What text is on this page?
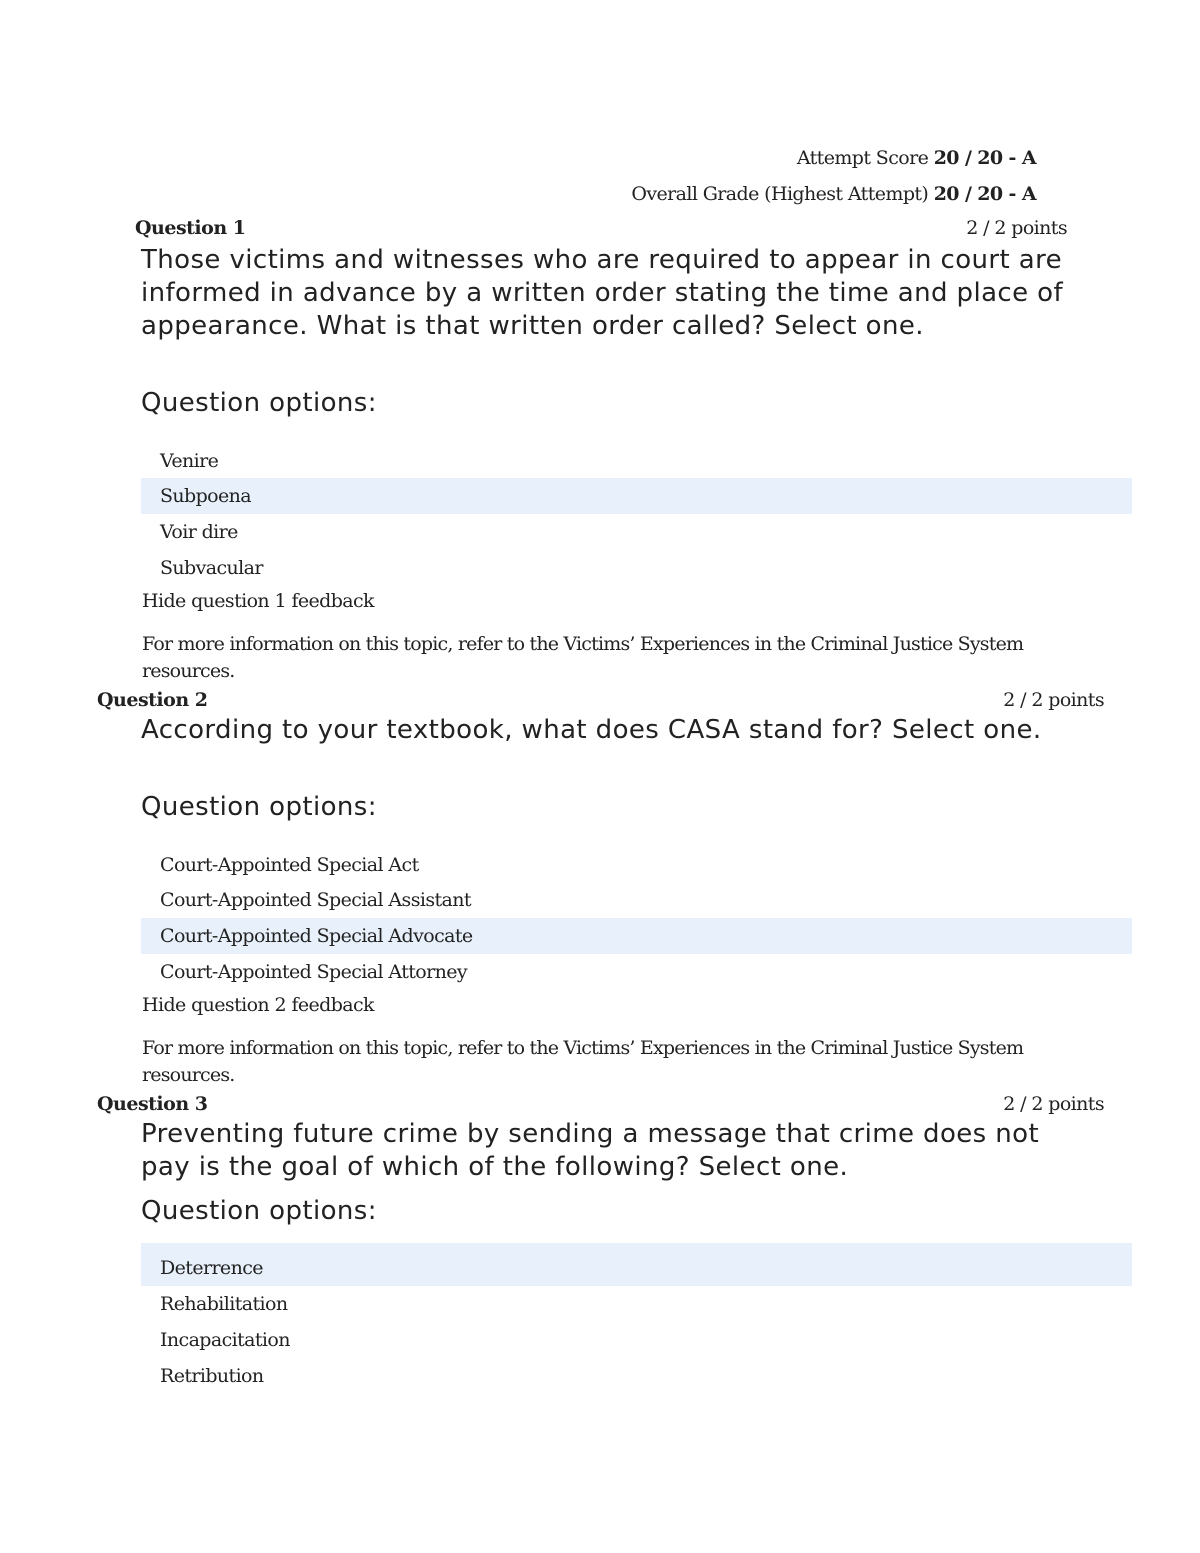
Attempt Score 20 / 20 - A
Overall Grade (Highest Attempt) 20 / 20 - A
Question 1	2 / 2 points
Those victims and witnesses who are required to appear in court are informed in advance by a written order stating the time and place of appearance. What is that written order called? Select one.
Question options:
Venire
Subpoena
Voir dire
Subvacular
Hide question 1 feedback
For more information on this topic, refer to the Victims’ Experiences in the Criminal Justice System resources.
Question 2	2 / 2 points
According to your textbook, what does CASA stand for? Select one.
Question options:
Court-Appointed Special Act
Court-Appointed Special Assistant
Court-Appointed Special Advocate
Court-Appointed Special Attorney
Hide question 2 feedback
For more information on this topic, refer to the Victims’ Experiences in the Criminal Justice System resources.
Question 3	2 / 2 points
Preventing future crime by sending a message that crime does not pay is the goal of which of the following? Select one.
Question options:
Deterrence
Rehabilitation
Incapacitation
Retribution
